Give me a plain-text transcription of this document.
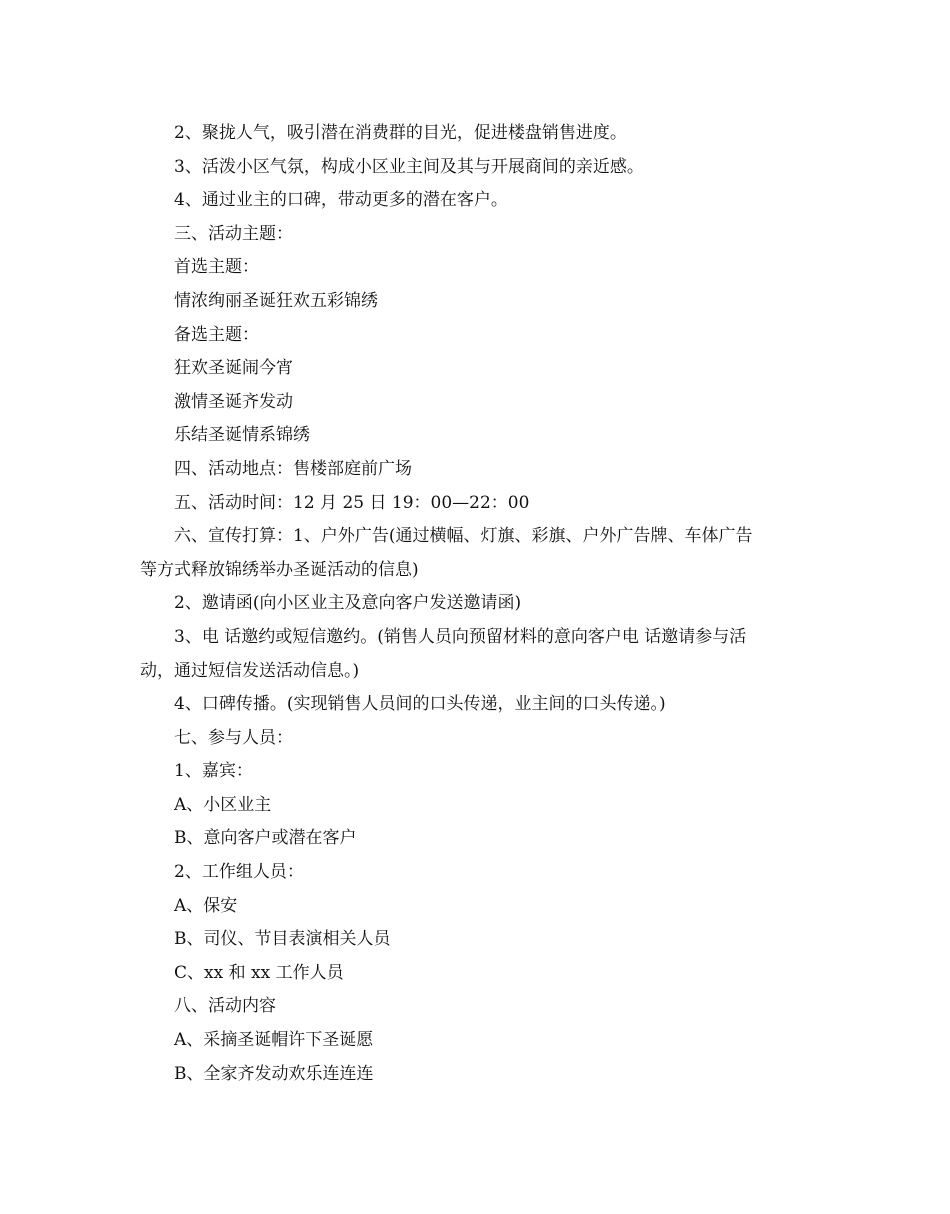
2、聚拢人气，吸引潜在消费群的目光，促进楼盘销售进度。
3、活泼小区气氛，构成小区业主间及其与开展商间的亲近感。
4、通过业主的口碑，带动更多的潜在客户。
三、活动主题：
首选主题：
情浓绚丽圣诞狂欢五彩锦绣
备选主题：
狂欢圣诞闹今宵
激情圣诞齐发动
乐结圣诞情系锦绣
四、活动地点：售楼部庭前广场
五、活动时间：12 月 25 日 19：00—22：00
六、宣传打算：1、户外广告(通过横幅、灯旗、彩旗、户外广告牌、车体广告
等方式释放锦绣举办圣诞活动的信息)
2、邀请函(向小区业主及意向客户发送邀请函)
3、电 话邀约或短信邀约。(销售人员向预留材料的意向客户电 话邀请参与活
动，通过短信发送活动信息。)
4、口碑传播。(实现销售人员间的口头传递，业主间的口头传递。)
七、参与人员：
1、嘉宾：
A、小区业主
B、意向客户或潜在客户
2、工作组人员：
A、保安
B、司仪、节目表演相关人员
C、xx 和 xx 工作人员
八、活动内容
A、采摘圣诞帽许下圣诞愿
B、全家齐发动欢乐连连连
